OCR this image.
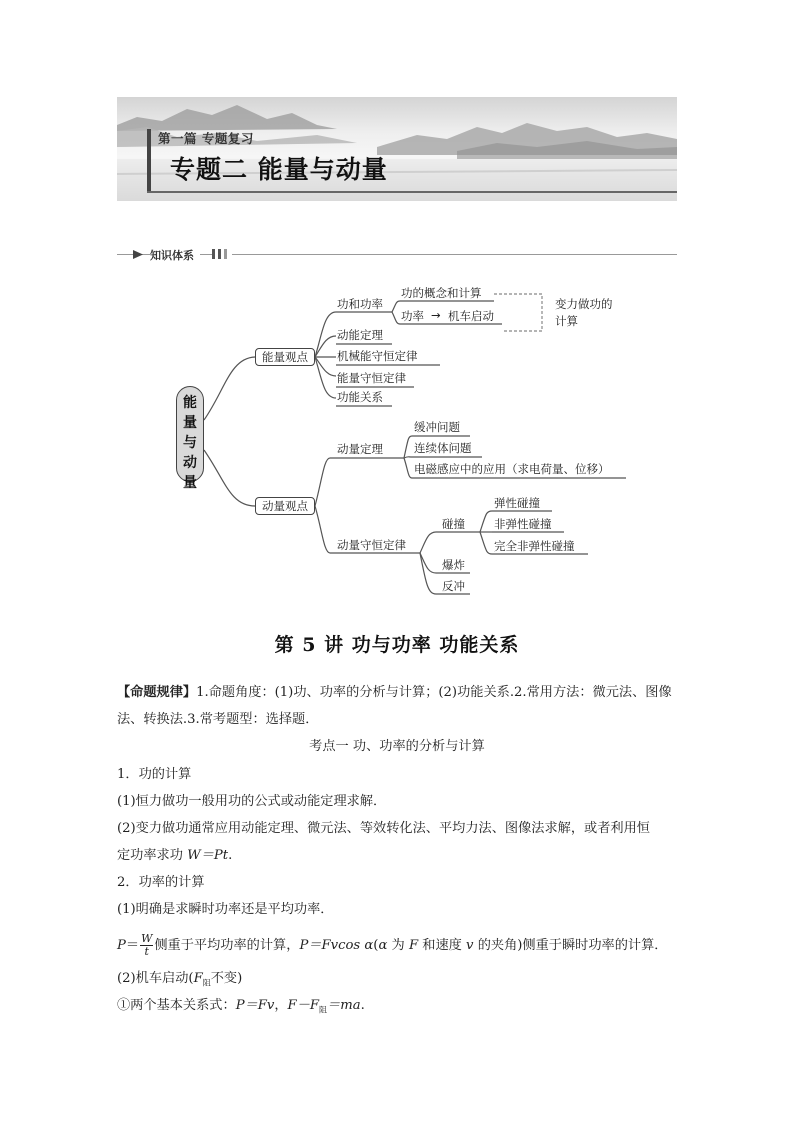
第一篇 专题复习
专题二 能量与动量
知识体系
能
量
与
动
量
能量观点
动量观点
功和功率
功的概念和计算
功率 → 机车启动
变力做功的计算
动能定理
机械能守恒定律
能量守恒定律
功能关系
动量定理
缓冲问题
连续体问题
电磁感应中的应用（求电荷量、位移）
动量守恒定律
碰撞
弹性碰撞
非弹性碰撞
完全非弹性碰撞
爆炸
反冲
第 5 讲 功与功率 功能关系
【命题规律】1.命题角度：(1)功、功率的分析与计算；(2)功能关系.2.常用方法：微元法、图像
法、转换法.3.常考题型：选择题．
考点一 功、功率的分析与计算
1．功的计算
(1)恒力做功一般用功的公式或动能定理求解．
(2)变力做功通常应用动能定理、微元法、等效转化法、平均力法、图像法求解，或者利用恒
定功率求功 W＝Pt.
2．功率的计算
(1)明确是求瞬时功率还是平均功率．
$P= \frac{W}{t}$ 侧重于平均功率的计算，P＝Fvcos α(α 为 F 和速度 v 的夹角)侧重于瞬时功率的计算．
(2)机车启动($F_阻$不变)
①两个基本关系式：P＝Fv，$F-F_阻=ma$.
